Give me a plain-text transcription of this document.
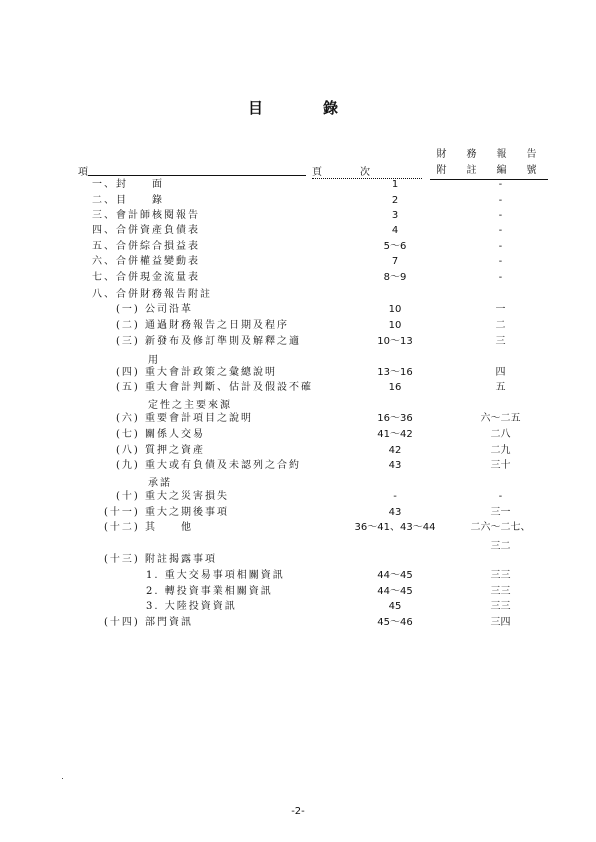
目　　錄
財　務　報　告
附　註　編　號
項	頁　　次
一、封　　面	1	-
二、目　　錄	2	-
三、會計師核閱報告	3	-
四、合併資產負債表	4	-
五、合併綜合損益表	5～6	-
六、合併權益變動表	7	-
七、合併現金流量表	8～9	-
八、合併財務報告附註
(一) 公司沿革	10	一
(二) 通過財務報告之日期及程序	10	二
(三) 新發布及修訂準則及解釋之適	10～13	三
用
(四) 重大會計政策之彙總說明	13～16	四
(五) 重大會計判斷、估計及假設不確	16	五
定性之主要來源
(六) 重要會計項目之說明	16～36	六～二五
(七) 關係人交易	41～42	二八
(八) 質押之資產	42	二九
(九) 重大或有負債及未認列之合約	43	三十
承諾
(十) 重大之災害損失	-	-
(十一) 重大之期後事項	43	三一
(十二) 其　　他	36～41、43～44	二六～二七、
三二
(十三) 附註揭露事項
1. 重大交易事項相關資訊	44～45	三三
2. 轉投資事業相關資訊	44～45	三三
3. 大陸投資資訊	45	三三
(十四) 部門資訊	45～46	三四
-2-
